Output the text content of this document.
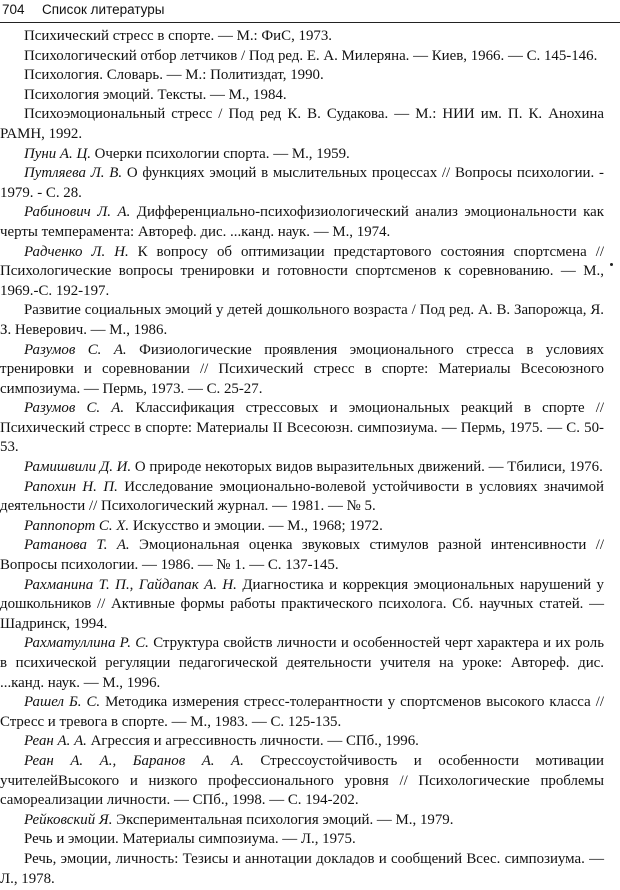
704 Список литературы

Психический стресс в спорте. — М.: ФиС, 1973.

Психологический отбор летчиков / Под ред. Е. А. Милеряна. — Киев, 1966. — С. 145-146.

Психология. Словарь. — М.: Политиздат, 1990.

Психология эмоций. Тексты. — М., 1984.

Психоэмоциональный стресс / Под ред К. В. Судакова. — М.: НИИ им. П. К. Анохина РАМН, 1992.

Пуни А. Ц. Очерки психологии спорта. — М., 1959.

Путляева Л. В. О функциях эмоций в мыслительных процессах // Вопросы психологии. - 1979. - С. 28.

Рабинович Л. А. Дифференциально-психофизиологический анализ эмоциональности как черты темперамента: Автореф. дис. ...канд. наук. — М., 1974.

Радченко Л. Н. К вопросу об оптимизации предстартового состояния спортсмена // Психологические вопросы тренировки и готовности спортсменов к соревнованию. — М., 1969.-С. 192-197.

Развитие социальных эмоций у детей дошкольного возраста / Под ред. А. В. Запорожца, Я. З. Неверович. — М., 1986.

Разумов С. А. Физиологические проявления эмоционального стресса в условиях тренировки и соревновании // Психический стресс в спорте: Материалы Всесоюзного симпозиума. — Пермь, 1973. — С. 25-27.

Разумов С. А. Классификация стрессовых и эмоциональных реакций в спорте // Психический стресс в спорте: Материалы II Всесоюзн. симпозиума. — Пермь, 1975. — С. 50- 53.

Рамишвили Д. И. О природе некоторых видов выразительных движений. — Тбилиси, 1976.

Рапохин Н. П. Исследование эмоционально-волевой устойчивости в условиях значимой деятельности // Психологический журнал. — 1981. — № 5.

Раппопорт С. Х. Искусство и эмоции. — М., 1968; 1972.

Ратанова Т. А. Эмоциональная оценка звуковых стимулов разной интенсивности // Вопросы психологии. — 1986. — № 1. — С. 137-145.

Рахманина Т. П., Гайдапак А. Н. Диагностика и коррекция эмоциональных нарушений у дошкольников // Активные формы работы практического психолога. Сб. научных статей. — Шадринск, 1994.

Рахматуллина Р. С. Структура свойств личности и особенностей черт характера и их роль в психической регуляции педагогической деятельности учителя на уроке: Автореф. дис. ...канд. наук. — М., 1996.

Рашел Б. С. Методика измерения стресс-толерантности у спортсменов высокого класса // Стресс и тревога в спорте. — М., 1983. — С. 125-135.

Реан А. А. Агрессия и агрессивность личности. — СПб., 1996.

Реан А. А., Баранов А. А. Стрессоустойчивость и особенности мотивации учителейВысокого и низкого профессионального уровня // Психологические проблемы самореализации личности. — СПб., 1998. — С. 194-202.

Рейковский Я. Экспериментальная психология эмоций. — М., 1979.

Речь и эмоции. Материалы симпозиума. — Л., 1975.

Речь, эмоции, личность: Тезисы и аннотации докладов и сообщений Всес. симпозиума. — Л., 1978.
